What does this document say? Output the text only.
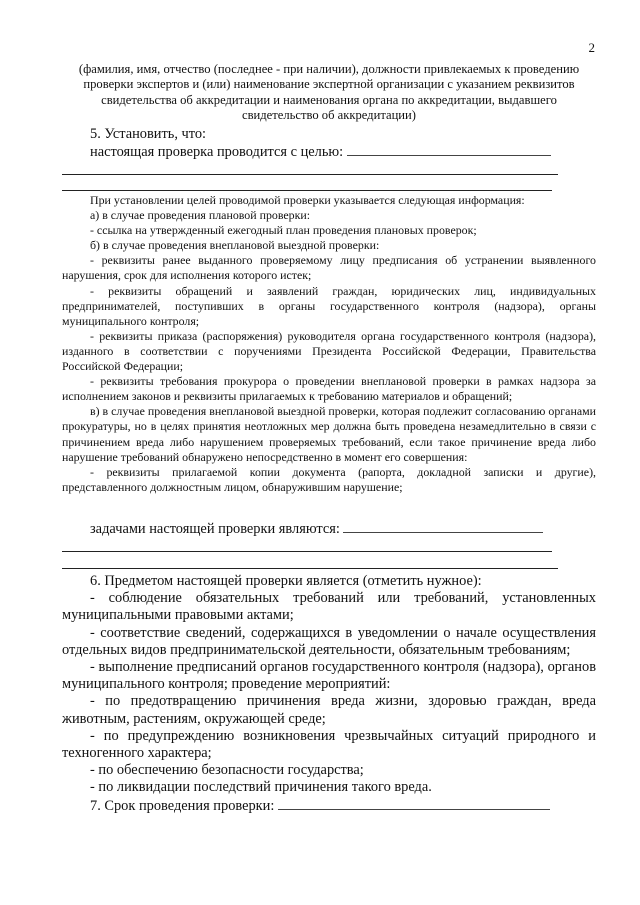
2
(фамилия, имя, отчество (последнее - при наличии), должности привлекаемых к проведению проверки экспертов и (или) наименование экспертной организации с указанием реквизитов свидетельства об аккредитации и наименования органа по аккредитации, выдавшего свидетельство об аккредитации)
5. Установить, что:
настоящая проверка проводится с целью:

При установлении целей проводимой проверки указывается следующая информация:

а) в случае проведения плановой проверки:

- ссылка на утвержденный ежегодный план проведения плановых проверок;

б) в случае проведения внеплановой выездной проверки:

- реквизиты ранее выданного проверяемому лицу предписания об устранении выявленного нарушения, срок для исполнения которого истек;

- реквизиты обращений и заявлений граждан, юридических лиц, индивидуальных предпринимателей, поступивших в органы государственного контроля (надзора), органы муниципального контроля;

- реквизиты приказа (распоряжения) руководителя органа государственного контроля (надзора), изданного в соответствии с поручениями Президента Российской Федерации, Правительства Российской Федерации;

- реквизиты требования прокурора о проведении внеплановой проверки в рамках надзора за исполнением законов и реквизиты прилагаемых к требованию материалов и обращений;

в) в случае проведения внеплановой выездной проверки, которая подлежит согласованию органами прокуратуры, но в целях принятия неотложных мер должна быть проведена незамедлительно в связи с причинением вреда либо нарушением проверяемых требований, если такое причинение вреда либо нарушение требований обнаружено непосредственно в момент его совершения:

- реквизиты прилагаемой копии документа (рапорта, докладной записки и другие), представленного должностным лицом, обнаружившим нарушение;

задачами настоящей проверки являются:

6. Предметом настоящей проверки является (отметить нужное):

- соблюдение обязательных требований или требований, установленных муниципальными правовыми актами;

- соответствие сведений, содержащихся в уведомлении о начале осуществления отдельных видов предпринимательской деятельности, обязательным требованиям;

- выполнение предписаний органов государственного контроля (надзора), органов муниципального контроля; проведение мероприятий:

- по предотвращению причинения вреда жизни, здоровью граждан, вреда животным, растениям, окружающей среде;

- по предупреждению возникновения чрезвычайных ситуаций природного и техногенного характера;

- по обеспечению безопасности государства;

- по ликвидации последствий причинения такого вреда.

7. Срок проведения проверки:
